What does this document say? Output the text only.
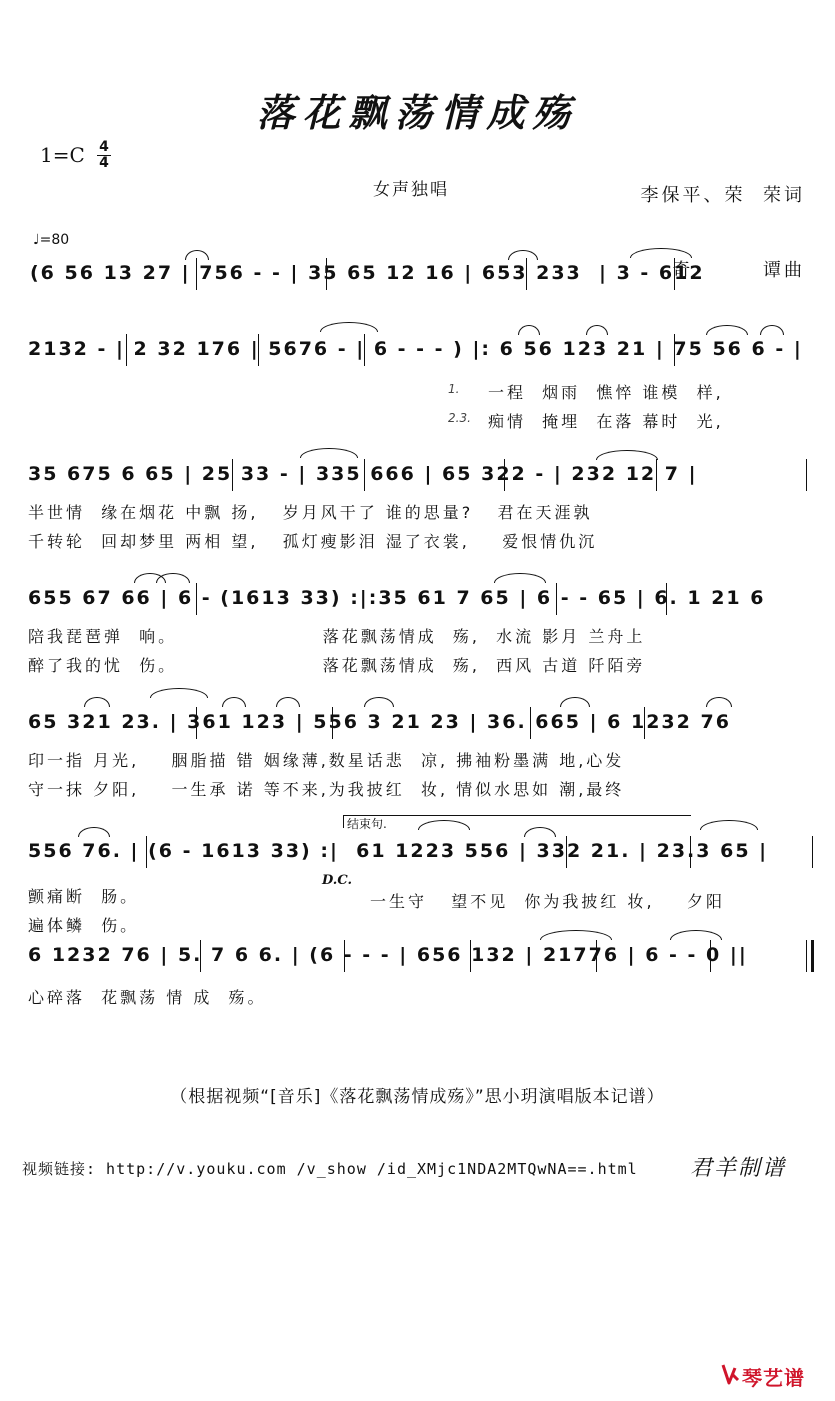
落花飘荡情成殇
1=C 4
4

李保平、荣  荣词

奇        谭曲

女声独唱
♩=80
(6 56 13 27 | 756 - - | 35 65 12 16 | 653 233  | 3 - 612
2132 - | 2 32 176 | 5676 - | 6 - - - ) |: 6 56 123 21 | 75 56 6 - |
1. 一程  烟雨  憔悴 谁模  样,
2.3. 痴情  掩埋  在落 幕时  光,
35 675 6 65 | 25 33 - | 335 666 | 65 322 - | 232 12 7 |
半世情  缘在烟花 中飘 扬,   岁月风干了 谁的思量?   君在天涯孰
千转轮  回却梦里 两相 望,   孤灯瘦影泪 湿了衣裳,    爱恨情仇沉
655 67 66 | 6 - (1613 33) :|:35 61 7 65 | 6 - - 65 | 6. 1 21 6
陪我琵琶弹  响。                  落花飘荡情成  殇,  水流 影月 兰舟上
醉了我的忧  伤。                  落花飘荡情成  殇,  西风 古道 阡陌旁
65 321 23. | 361 123 | 556 3 21 23 | 36. 665 | 6 1232 76
印一指 月光,    胭脂描 错 姻缘薄,数星话悲  凉, 拂袖粉墨满 地,心发
守一抹 夕阳,    一生承 诺 等不来,为我披红  妆, 情似水思如 潮,最终
结束句.
556 76. | (6 - 1613 33) :|  61 1223 556 | 332 21. | 23.3 65 |
D.C.
颤痛断  肠。
遍体鳞  伤。
一生守   望不见  你为我披红 妆,    夕阳
6 1232 76 | 5. 7 6 6. | (6 - - - | 656 132 | 21776 | 6 - - 0 ||
心碎落  花飘荡 情 成  殇。
（根据视频“[音乐]《落花飘荡情成殇》”思小玥演唱版本记谱）
视频链接: http://v.youku.com /v_show /id_XMjc1NDA2MTQwNA==.html 君羊制谱
琴艺谱
